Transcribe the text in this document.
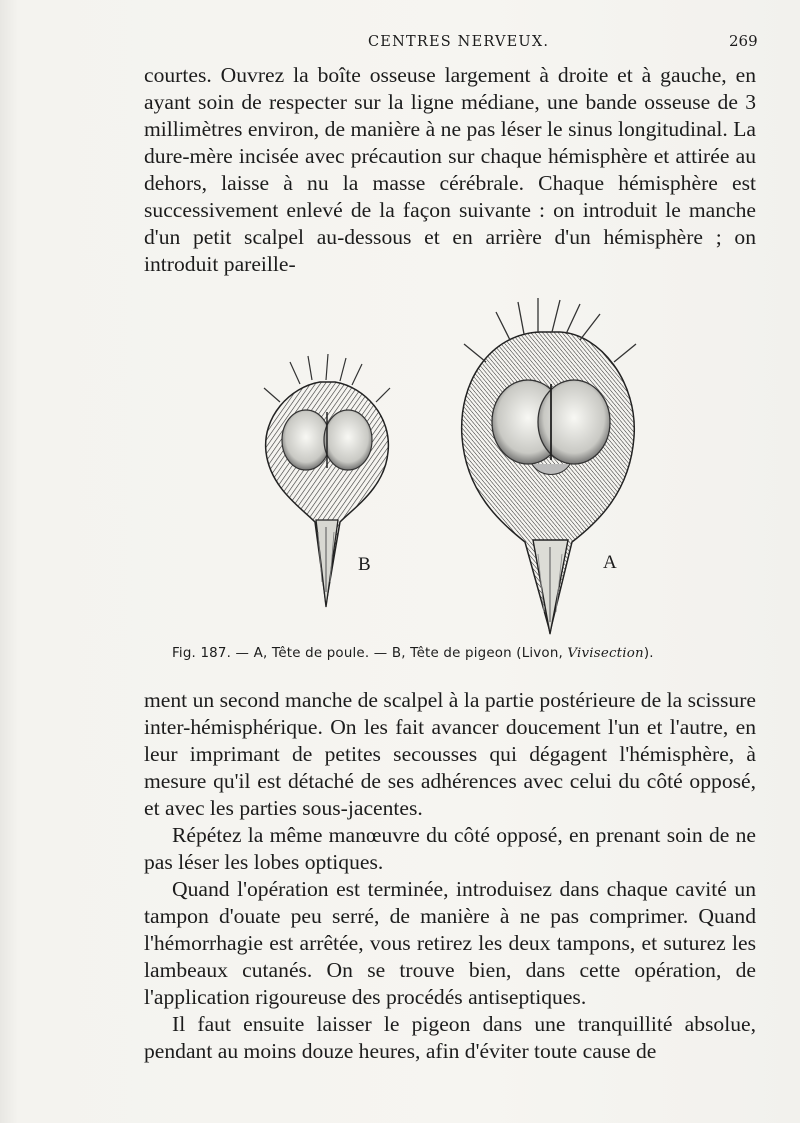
CENTRES NERVEUX.	269

courtes. Ouvrez la boîte osseuse largement à droite et à gauche, en ayant soin de respecter sur la ligne médiane, une bande osseuse de 3 millimètres environ, de manière à ne pas léser le sinus longitudinal. La dure-mère incisée avec précaution sur chaque hémisphère et attirée au dehors, laisse à nu la masse cérébrale. Chaque hémisphère est successivement enlevé de la façon suivante : on introduit le manche d'un petit scalpel au-dessous et en arrière d'un hémisphère ; on introduit pareille-

B	A
Fig. 187. — A, Tête de poule. — B, Tête de pigeon (Livon, Vivisection).

ment un second manche de scalpel à la partie postérieure de la scissure inter-hémisphérique. On les fait avancer doucement l'un et l'autre, en leur imprimant de petites secousses qui dégagent l'hémisphère, à mesure qu'il est détaché de ses adhérences avec celui du côté opposé, et avec les parties sous-jacentes.

Répétez la même manœuvre du côté opposé, en prenant soin de ne pas léser les lobes optiques.

Quand l'opération est terminée, introduisez dans chaque cavité un tampon d'ouate peu serré, de manière à ne pas comprimer. Quand l'hémorrhagie est arrêtée, vous retirez les deux tampons, et suturez les lambeaux cutanés. On se trouve bien, dans cette opération, de l'application rigoureuse des procédés antiseptiques.

Il faut ensuite laisser le pigeon dans une tranquillité absolue, pendant au moins douze heures, afin d'éviter toute cause de
